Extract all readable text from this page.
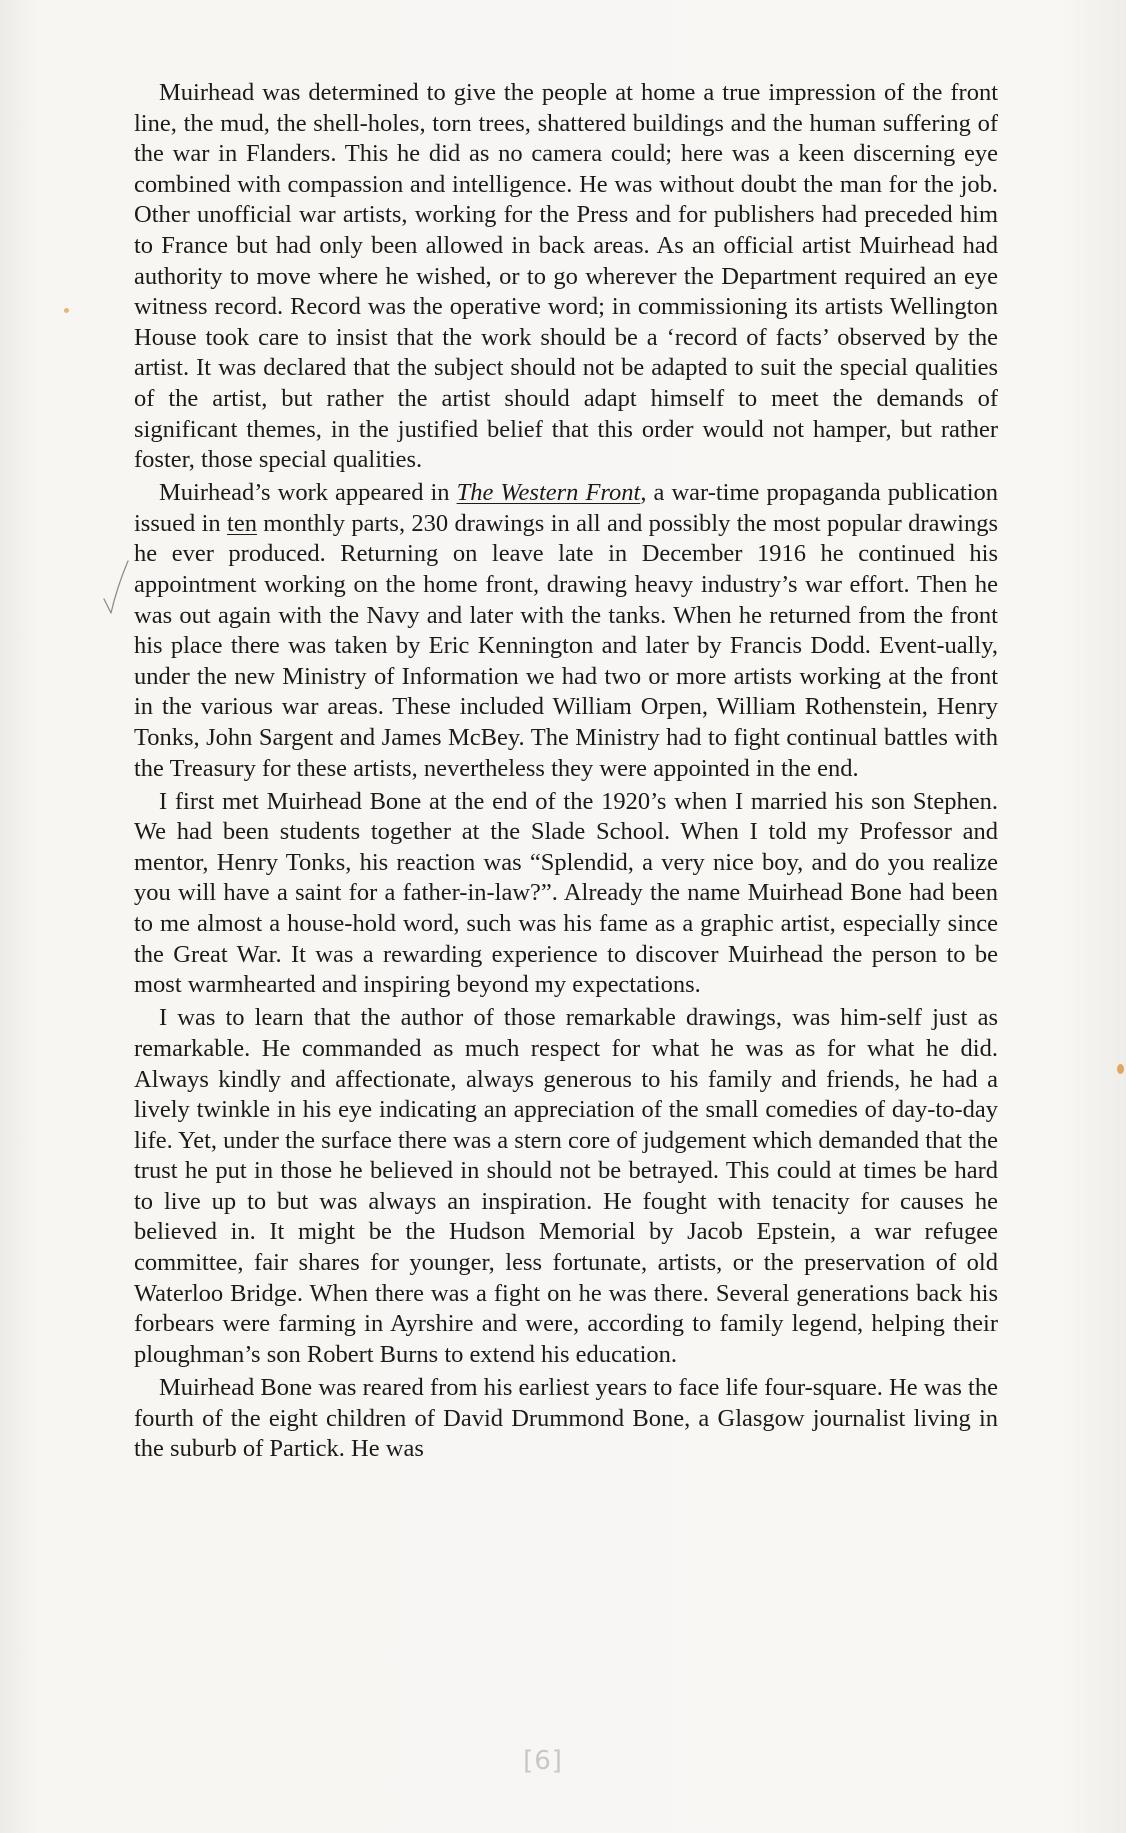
Muirhead was determined to give the people at home a true impression of the front line, the mud, the shell-holes, torn trees, shattered buildings and the human suffering of the war in Flanders. This he did as no camera could; here was a keen discerning eye combined with compassion and intelligence. He was without doubt the man for the job. Other unofficial war artists, working for the Press and for publishers had preceded him to France but had only been allowed in back areas. As an official artist Muirhead had authority to move where he wished, or to go wherever the Department required an eye witness record. Record was the operative word; in commissioning its artists Wellington House took care to insist that the work should be a ‘record of facts’ observed by the artist. It was declared that the subject should not be adapted to suit the special qualities of the artist, but rather the artist should adapt himself to meet the demands of significant themes, in the justified belief that this order would not hamper, but rather foster, those special qualities.

Muirhead’s work appeared in The Western Front, a war-time propaganda publication issued in ten monthly parts, 230 drawings in all and possibly the most popular drawings he ever produced. Returning on leave late in December 1916 he continued his appointment working on the home front, drawing heavy industry’s war effort. Then he was out again with the Navy and later with the tanks. When he returned from the front his place there was taken by Eric Kennington and later by Francis Dodd. Event-ually, under the new Ministry of Information we had two or more artists working at the front in the various war areas. These included William Orpen, William Rothenstein, Henry Tonks, John Sargent and James McBey. The Ministry had to fight continual battles with the Treasury for these artists, nevertheless they were appointed in the end.

I first met Muirhead Bone at the end of the 1920’s when I married his son Stephen. We had been students together at the Slade School. When I told my Professor and mentor, Henry Tonks, his reaction was “Splendid, a very nice boy, and do you realize you will have a saint for a father-in-law?”. Already the name Muirhead Bone had been to me almost a house-hold word, such was his fame as a graphic artist, especially since the Great War. It was a rewarding experience to discover Muirhead the person to be most warmhearted and inspiring beyond my expectations.

I was to learn that the author of those remarkable drawings, was him-self just as remarkable. He commanded as much respect for what he was as for what he did. Always kindly and affectionate, always generous to his family and friends, he had a lively twinkle in his eye indicating an appreciation of the small comedies of day-to-day life. Yet, under the surface there was a stern core of judgement which demanded that the trust he put in those he believed in should not be betrayed. This could at times be hard to live up to but was always an inspiration. He fought with tenacity for causes he believed in. It might be the Hudson Memorial by Jacob Epstein, a war refugee committee, fair shares for younger, less fortunate, artists, or the preservation of old Waterloo Bridge. When there was a fight on he was there. Several generations back his forbears were farming in Ayrshire and were, according to family legend, helping their ploughman’s son Robert Burns to extend his education.

Muirhead Bone was reared from his earliest years to face life four-square. He was the fourth of the eight children of David Drummond Bone, a Glasgow journalist living in the suburb of Partick. He was

[6]
